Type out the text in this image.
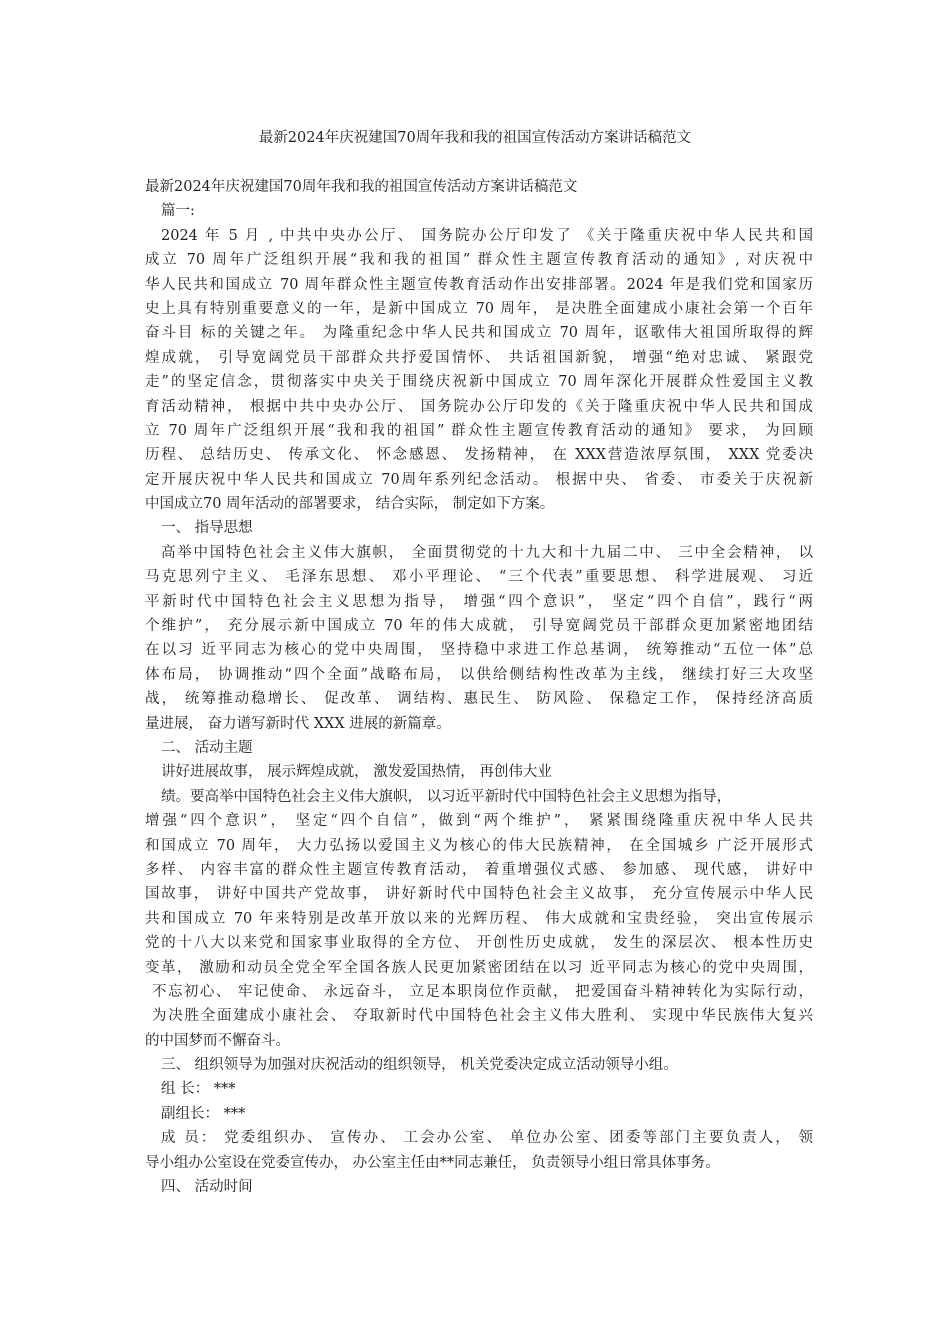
最新2024年庆祝建国70周年我和我的祖国宣传活动方案讲话稿范文
最新2024年庆祝建国70周年我和我的祖国宣传活动方案讲话稿范文
篇一:
2024 年 5 月 , 中共中央办公厅、 国务院办公厅印发了 《关于隆重庆祝中华人民共和国
成立 70 周年广泛组织开展“我和我的祖国” 群众性主题宣传教育活动的通知》, 对庆祝中
华人民共和国成立 70 周年群众性主题宣传教育活动作出安排部署。2024 年是我们党和国家历
史上具有特别重要意义的一年，是新中国成立 70 周年， 是决胜全面建成小康社会第一个百年
奋斗目 标的关键之年。 为隆重纪念中华人民共和国成立 70 周年，讴歌伟大祖国所取得的辉
煌成就， 引导宽阔党员干部群众共抒爱国情怀、 共话祖国新貌， 增强“绝对忠诚、 紧跟党
走”的坚定信念，贯彻落实中央关于围绕庆祝新中国成立 70 周年深化开展群众性爱国主义教
育活动精神， 根据中共中央办公厅、 国务院办公厅印发的《关于隆重庆祝中华人民共和国成
立 70 周年广泛组织开展“我和我的祖国” 群众性主题宣传教育活动的通知》 要求， 为回顾
历程、 总结历史、 传承文化、 怀念感恩、 发扬精神， 在 XXX营造浓厚氛围， XXX 党委决
定开展庆祝中华人民共和国成立 70周年系列纪念活动。 根据中央、 省委、 市委关于庆祝新
中国成立70 周年活动的部署要求， 结合实际， 制定如下方案。
一、 指导思想
高举中国特色社会主义伟大旗帜， 全面贯彻党的十九大和十九届二中、 三中全会精神， 以
马克思列宁主义、 毛泽东思想、 邓小平理论、 “三个代表”重要思想、 科学进展观、 习近
平新时代中国特色社会主义思想为指导， 增强“四个意识”， 坚定“四个自信”，践行“两
个维护”， 充分展示新中国成立 70 年的伟大成就， 引导宽阔党员干部群众更加紧密地团结
在以习 近平同志为核心的党中央周围， 坚持稳中求进工作总基调， 统筹推动“五位一体”总
体布局， 协调推动“四个全面”战略布局， 以供给侧结构性改革为主线， 继续打好三大攻坚
战， 统筹推动稳增长、 促改革、 调结构、惠民生、 防风险、 保稳定工作， 保持经济高质
量进展， 奋力谱写新时代 XXX 进展的新篇章。
二、 活动主题
讲好进展故事， 展示辉煌成就， 激发爱国热情， 再创伟大业
绩。要高举中国特色社会主义伟大旗帜， 以习近平新时代中国特色社会主义思想为指导，
增强“四个意识”， 坚定“四个自信”，做到“两个维护”， 紧紧围绕隆重庆祝中华人民共
和国成立 70 周年， 大力弘扬以爱国主义为核心的伟大民族精神， 在全国城乡 广泛开展形式
多样、 内容丰富的群众性主题宣传教育活动， 着重增强仪式感、 参加感、 现代感， 讲好中
国故事， 讲好中国共产党故事， 讲好新时代中国特色社会主义故事， 充分宣传展示中华人民
共和国成立 70 年来特别是改革开放以来的光辉历程、 伟大成就和宝贵经验， 突出宣传展示
党的十八大以来党和国家事业取得的全方位、 开创性历史成就， 发生的深层次、 根本性历史
变革， 激励和动员全党全军全国各族人民更加紧密团结在以习 近平同志为核心的党中央周围，
不忘初心、 牢记使命、 永远奋斗， 立足本职岗位作贡献， 把爱国奋斗精神转化为实际行动，
为决胜全面建成小康社会、 夺取新时代中国特色社会主义伟大胜利、 实现中华民族伟大复兴
的中国梦而不懈奋斗。
三、 组织领导为加强对庆祝活动的组织领导， 机关党委决定成立活动领导小组。
组 长： ***
副组长： ***
成 员： 党委组织办、 宣传办、 工会办公室、 单位办公室、团委等部门主要负责人， 领
导小组办公室设在党委宣传办， 办公室主任由**同志兼任， 负责领导小组日常具体事务。
四、 活动时间
